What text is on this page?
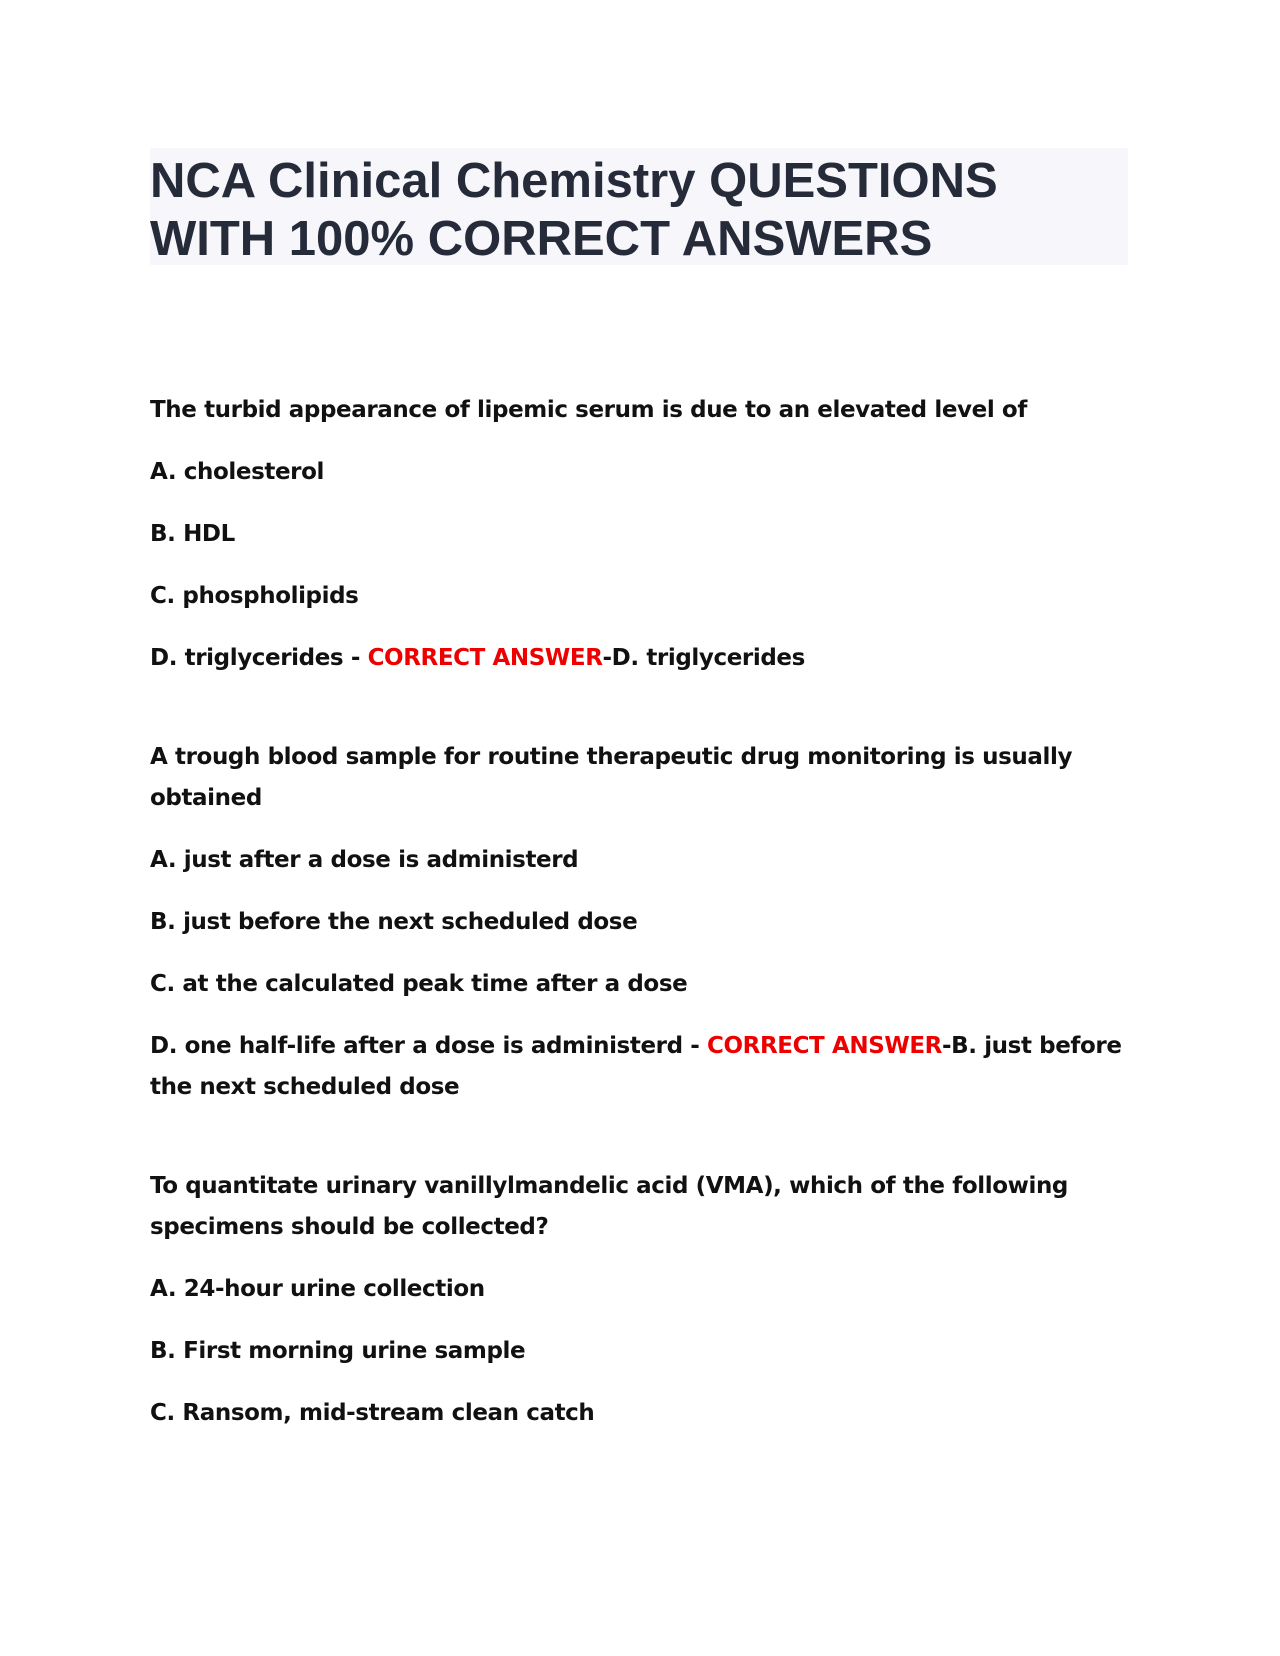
NCA Clinical Chemistry QUESTIONS WITH 100% CORRECT ANSWERS

The turbid appearance of lipemic serum is due to an elevated level of

A. cholesterol

B. HDL

C. phospholipids

D. triglycerides - CORRECT ANSWER-D. triglycerides

A trough blood sample for routine therapeutic drug monitoring is usually obtained

A. just after a dose is administerd

B. just before the next scheduled dose

C. at the calculated peak time after a dose

D. one half-life after a dose is administerd - CORRECT ANSWER-B. just before the next scheduled dose

To quantitate urinary vanillylmandelic acid (VMA), which of the following specimens should be collected?

A. 24-hour urine collection

B. First morning urine sample

C. Ransom, mid-stream clean catch
